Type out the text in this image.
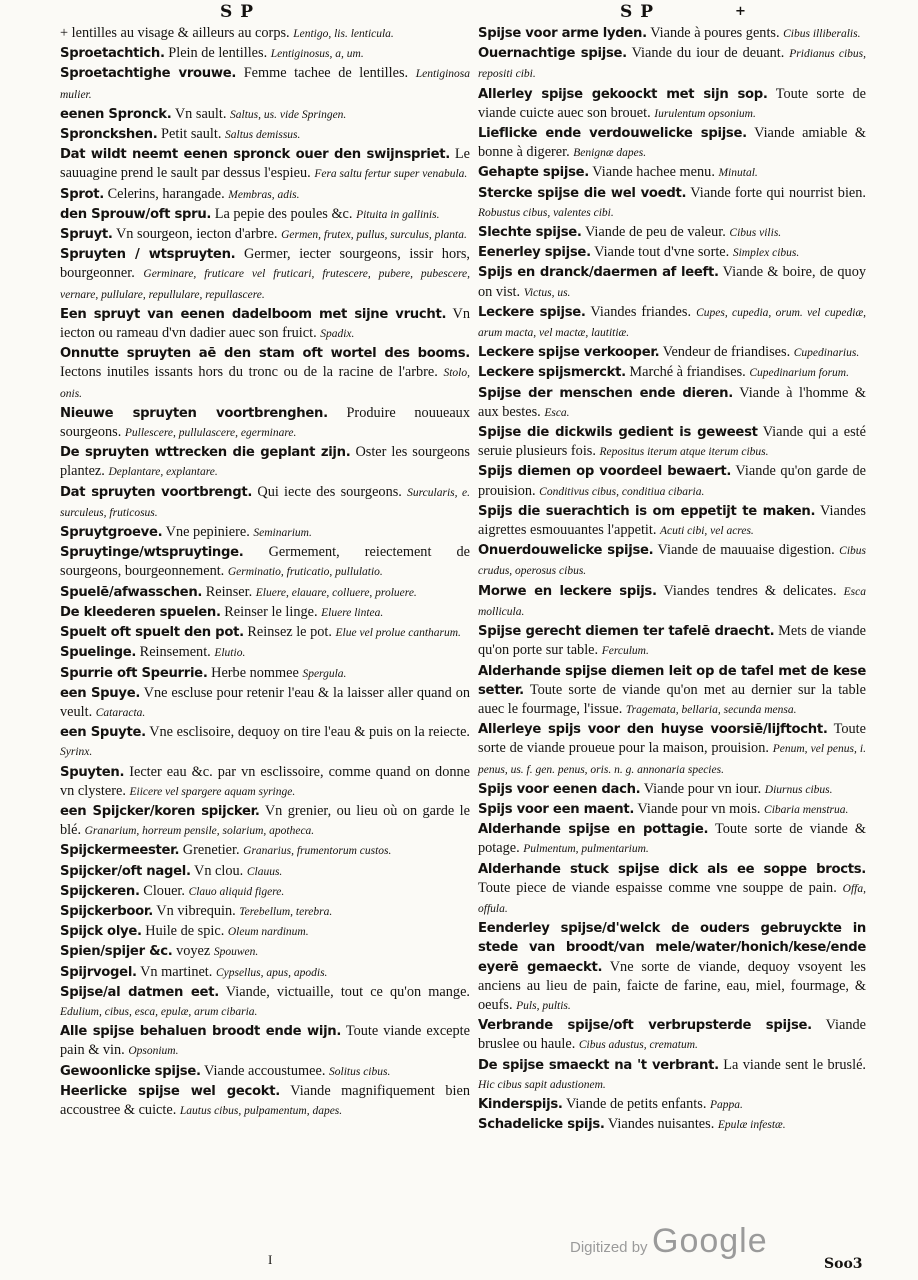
S P	S P	+

+ lentilles au visage & ailleurs au corps. Lentigo, lis. lenticula.

Sproetachtich. Plein de lentilles. Lentiginosus, a, um.

Sproetachtighe vrouwe. Femme tachee de lentilles. Lentiginosa mulier.

eenen Spronck. Vn sault. Saltus, us. vide Springen.

Spronckshen. Petit sault. Saltus demissus.

Dat wildt neemt eenen spronck ouer den swijnspriet. Le sauuagine prend le sault par dessus l'espieu. Fera saltu fertur super venabula.

Sprot. Celerins, harangade. Membras, adis.

den Sprouw/oft spru. La pepie des poules &c. Pituita in gallinis.

Spruyt. Vn sourgeon, iecton d'arbre. Germen, frutex, pullus, surculus, planta.

Spruyten / wtspruyten. Germer, iecter sourgeons, issir hors, bourgeonner. Germinare, fruticare vel fruticari, frutescere, pubere, pubescere, vernare, pullulare, repullulare, repullascere.

Een spruyt van eenen dadelboom met sijne vrucht. Vn iecton ou rameau d'vn dadier auec son fruict. Spadix.

Onnutte spruyten aē den stam oft wortel des booms. Iectons inutiles issants hors du tronc ou de la racine de l'arbre. Stolo, onis.

Nieuwe spruyten voortbrenghen. Produire nouueaux sourgeons. Pullescere, pullulascere, egerminare.

De spruyten wttrecken die geplant zijn. Oster les sourgeons plantez. Deplantare, explantare.

Dat spruyten voortbrengt. Qui iecte des sourgeons. Surcularis, e. surculeus, fruticosus.

Spruytgroeve. Vne pepiniere. Seminarium.

Spruytinge/wtspruytinge. Germement, reiectement de sourgeons, bourgeonnement. Germinatio, fruticatio, pullulatio.

Spuelē/afwasschen. Reinser. Eluere, elauare, colluere, proluere.

De kleederen spuelen. Reinser le linge. Eluere lintea.

Spuelt oft spuelt den pot. Reinsez le pot. Elue vel prolue cantharum.

Spuelinge. Reinsement. Elutio.

Spurrie oft Speurrie. Herbe nommee Spergula.

een Spuye. Vne escluse pour retenir l'eau & la laisser aller quand on veult. Cataracta.

een Spuyte. Vne esclisoire, dequoy on tire l'eau & puis on la reiecte. Syrinx.

Spuyten. Iecter eau &c. par vn esclissoire, comme quand on donne vn clystere. Eiicere vel spargere aquam syringe.

een Spijcker/koren spijcker. Vn grenier, ou lieu où on garde le blé. Granarium, horreum pensile, solarium, apotheca.

Spijckermeester. Grenetier. Granarius, frumentorum custos.

Spijcker/oft nagel. Vn clou. Clauus.

Spijckeren. Clouer. Clauo aliquid figere.

Spijckerboor. Vn vibrequin. Terebellum, terebra.

Spijck olye. Huile de spic. Oleum nardinum.

Spien/spijer &c. voyez Spouwen.

Spijrvogel. Vn martinet. Cypsellus, apus, apodis.

Spijse/al datmen eet. Viande, victuaille, tout ce qu'on mange. Edulium, cibus, esca, epulæ, arum cibaria.

Alle spijse behaluen broodt ende wijn. Toute viande excepte pain & vin. Opsonium.

Gewoonlicke spijse. Viande accoustumee. Solitus cibus.

Heerlicke spijse wel gecokt. Viande magnifiquement bien accoustree & cuicte. Lautus cibus, pulpamentum, dapes.

Spijse voor arme lyden. Viande à poures gents. Cibus illiberalis.

Ouernachtige spijse. Viande du iour de deuant. Pridianus cibus, repositi cibi.

Allerley spijse gekoockt met sijn sop. Toute sorte de viande cuicte auec son brouet. Iurulentum opsonium.

Lieflicke ende verdouwelicke spijse. Viande amiable & bonne à digerer. Benignæ dapes.

Gehapte spijse. Viande hachee menu. Minutal.

Stercke spijse die wel voedt. Viande forte qui nourrist bien. Robustus cibus, valentes cibi.

Slechte spijse. Viande de peu de valeur. Cibus vilis.

Eenerley spijse. Viande tout d'vne sorte. Simplex cibus.

Spijs en dranck/daermen af leeft. Viande & boire, de quoy on vist. Victus, us.

Leckere spijse. Viandes friandes. Cupes, cupedia, orum. vel cupediæ, arum macta, vel mactæ, lautitiæ.

Leckere spijse verkooper. Vendeur de friandises. Cupedinarius.

Leckere spijsmerckt. Marché à friandises. Cupedinarium forum.

Spijse der menschen ende dieren. Viande à l'homme & aux bestes. Esca.

Spijse die dickwils gedient is geweest Viande qui a esté seruie plusieurs fois. Repositus iterum atque iterum cibus.

Spijs diemen op voordeel bewaert. Viande qu'on garde de prouision. Conditivus cibus, conditiua cibaria.

Spijs die suerachtich is om eppetijt te maken. Viandes aigrettes esmouuantes l'appetit. Acuti cibi, vel acres.

Onuerdouwelicke spijse. Viande de mauuaise digestion. Cibus crudus, operosus cibus.

Morwe en leckere spijs. Viandes tendres & delicates. Esca mollicula.

Spijse gerecht diemen ter tafelē draecht. Mets de viande qu'on porte sur table. Ferculum.

Alderhande spijse diemen leit op de tafel met de kese setter. Toute sorte de viande qu'on met au dernier sur la table auec le fourmage, l'issue. Tragemata, bellaria, secunda mensa.

Allerleye spijs voor den huyse voorsiē/lijftocht. Toute sorte de viande proueue pour la maison, prouision. Penum, vel penus, i. penus, us. f. gen. penus, oris. n. g. annonaria species.

Spijs voor eenen dach. Viande pour vn iour. Diurnus cibus.

Spijs voor een maent. Viande pour vn mois. Cibaria menstrua.

Alderhande spijse en pottagie. Toute sorte de viande & potage. Pulmentum, pulmentarium.

Alderhande stuck spijse dick als ee soppe brocts. Toute piece de viande espaisse comme vne souppe de pain. Offa, offula.

Eenderley spijse/d'welck de ouders gebruyckte in stede van broodt/van mele/water/honich/kese/ende eyerē gemaeckt. Vne sorte de viande, dequoy vsoyent les anciens au lieu de pain, faicte de farine, eau, miel, fourmage, & oeufs. Puls, pultis.

Verbrande spijse/oft verbrupsterde spijse. Viande bruslee ou haule. Cibus adustus, crematum.

De spijse smaeckt na 't verbrant. La viande sent le bruslé. Hic cibus sapit adustionem.

Kinderspijs. Viande de petits enfants. Pappa.

Schadelicke spijs. Viandes nuisantes. Epulæ infestæ.

I
Digitized by Google
Soo3
